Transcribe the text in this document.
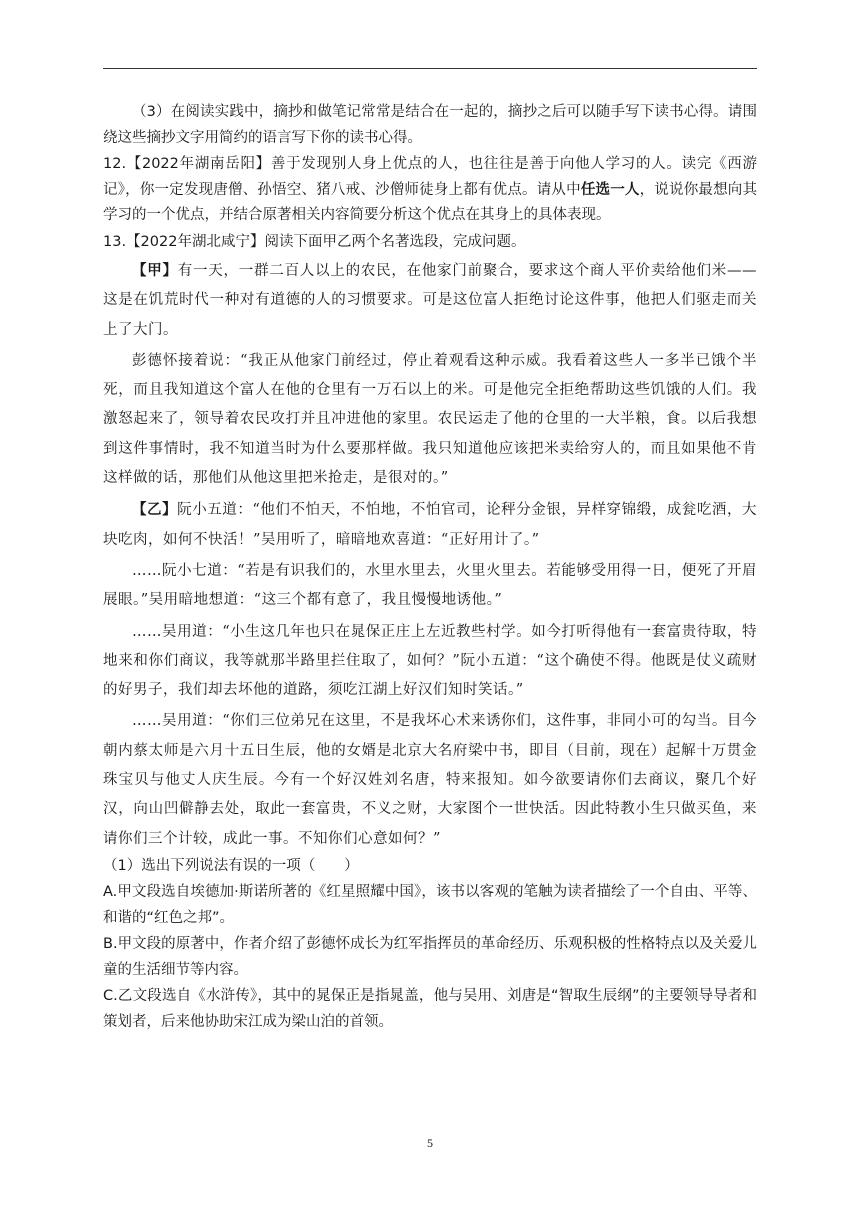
（3）在阅读实践中，摘抄和做笔记常常是结合在一起的，摘抄之后可以随手写下读书心得。请围绕这些摘抄文字用简约的语言写下你的读书心得。

12.【2022年湖南岳阳】善于发现别人身上优点的人，也往往是善于向他人学习的人。读完《西游记》，你一定发现唐僧、孙悟空、猪八戒、沙僧师徒身上都有优点。请从中任选一人，说说你最想向其学习的一个优点，并结合原著相关内容简要分析这个优点在其身上的具体表现。

13.【2022年湖北咸宁】阅读下面甲乙两个名著选段，完成问题。

【甲】有一天，一群二百人以上的农民，在他家门前聚合，要求这个商人平价卖给他们米——这是在饥荒时代一种对有道德的人的习惯要求。可是这位富人拒绝讨论这件事，他把人们驱走而关上了大门。

彭德怀接着说：“我正从他家门前经过，停止着观看这种示威。我看着这些人一多半已饿个半死，而且我知道这个富人在他的仓里有一万石以上的米。可是他完全拒绝帮助这些饥饿的人们。我激怒起来了，领导着农民攻打并且冲进他的家里。农民运走了他的仓里的一大半粮，食。以后我想到这件事情时，我不知道当时为什么要那样做。我只知道他应该把米卖给穷人的，而且如果他不肯这样做的话，那他们从他这里把米抢走，是很对的。”

【乙】阮小五道：“他们不怕天，不怕地，不怕官司，论秤分金银，异样穿锦缎，成瓮吃酒，大块吃肉，如何不快活！”吴用听了，暗暗地欢喜道：“正好用计了。”

……阮小七道：“若是有识我们的，水里水里去，火里火里去。若能够受用得一日，便死了开眉展眼。”吴用暗地想道：“这三个都有意了，我且慢慢地诱他。”

……吴用道：“小生这几年也只在晁保正庄上左近教些村学。如今打听得他有一套富贵待取，特地来和你们商议，我等就那半路里拦住取了，如何？”阮小五道：“这个确使不得。他既是仗义疏财的好男子，我们却去坏他的道路，须吃江湖上好汉们知时笑话。”

……吴用道：“你们三位弟兄在这里，不是我坏心术来诱你们，这件事，非同小可的勾当。目今朝内蔡太师是六月十五日生辰，他的女婿是北京大名府梁中书，即目（目前，现在）起解十万贯金珠宝贝与他丈人庆生辰。今有一个好汉姓刘名唐，特来报知。如今欲要请你们去商议，聚几个好汉，向山凹僻静去处，取此一套富贵，不义之财，大家图个一世快活。因此特教小生只做买鱼，来请你们三个计较，成此一事。不知你们心意如何？”

（1）选出下列说法有误的一项（　　）

A.甲文段选自埃德加·斯诺所著的《红星照耀中国》，该书以客观的笔触为读者描绘了一个自由、平等、和谐的“红色之邦”。

B.甲文段的原著中，作者介绍了彭德怀成长为红军指挥员的革命经历、乐观积极的性格特点以及关爱儿童的生活细节等内容。

C.乙文段选自《水浒传》，其中的晁保正是指晁盖，他与吴用、刘唐是“智取生辰纲”的主要领导导者和策划者，后来他协助宋江成为梁山泊的首领。

5
